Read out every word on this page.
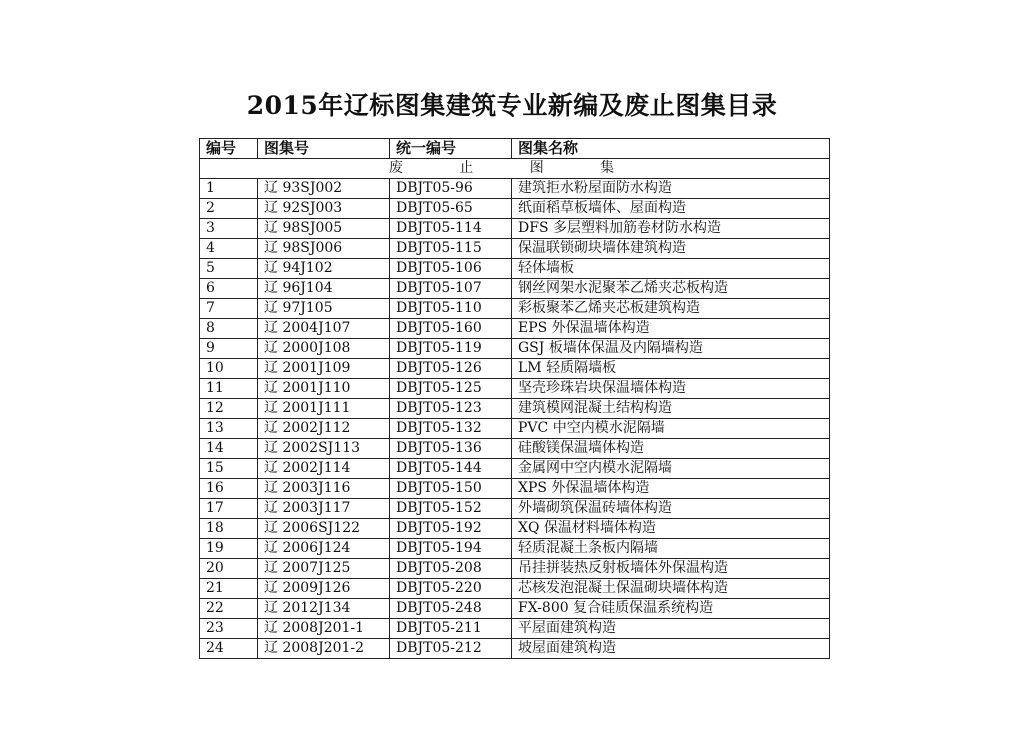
2015年辽标图集建筑专业新编及废止图集目录
编号	图集号	统一编号	图集名称
废 止 图 集			
1	辽 93SJ002	DBJT05-96	建筑拒水粉屋面防水构造
2	辽 92SJ003	DBJT05-65	纸面稻草板墙体、屋面构造
3	辽 98SJ005	DBJT05-114	DFS 多层塑料加筋卷材防水构造
4	辽 98SJ006	DBJT05-115	保温联锁砌块墙体建筑构造
5	辽 94J102	DBJT05-106	轻体墙板
6	辽 96J104	DBJT05-107	钢丝网架水泥聚苯乙烯夹芯板构造
7	辽 97J105	DBJT05-110	彩板聚苯乙烯夹芯板建筑构造
8	辽 2004J107	DBJT05-160	EPS 外保温墙体构造
9	辽 2000J108	DBJT05-119	GSJ 板墙体保温及内隔墙构造
10	辽 2001J109	DBJT05-126	LM 轻质隔墙板
11	辽 2001J110	DBJT05-125	坚壳珍珠岩块保温墙体构造
12	辽 2001J111	DBJT05-123	建筑模网混凝土结构构造
13	辽 2002J112	DBJT05-132	PVC 中空内模水泥隔墙
14	辽 2002SJ113	DBJT05-136	硅酸镁保温墙体构造
15	辽 2002J114	DBJT05-144	金属网中空内模水泥隔墙
16	辽 2003J116	DBJT05-150	XPS 外保温墙体构造
17	辽 2003J117	DBJT05-152	外墙砌筑保温砖墙体构造
18	辽 2006SJ122	DBJT05-192	XQ 保温材料墙体构造
19	辽 2006J124	DBJT05-194	轻质混凝土条板内隔墙
20	辽 2007J125	DBJT05-208	吊挂拼装热反射板墙体外保温构造
21	辽 2009J126	DBJT05-220	芯核发泡混凝土保温砌块墙体构造
22	辽 2012J134	DBJT05-248	FX-800 复合硅质保温系统构造
23	辽 2008J201-1	DBJT05-211	平屋面建筑构造
24	辽 2008J201-2	DBJT05-212	坡屋面建筑构造
